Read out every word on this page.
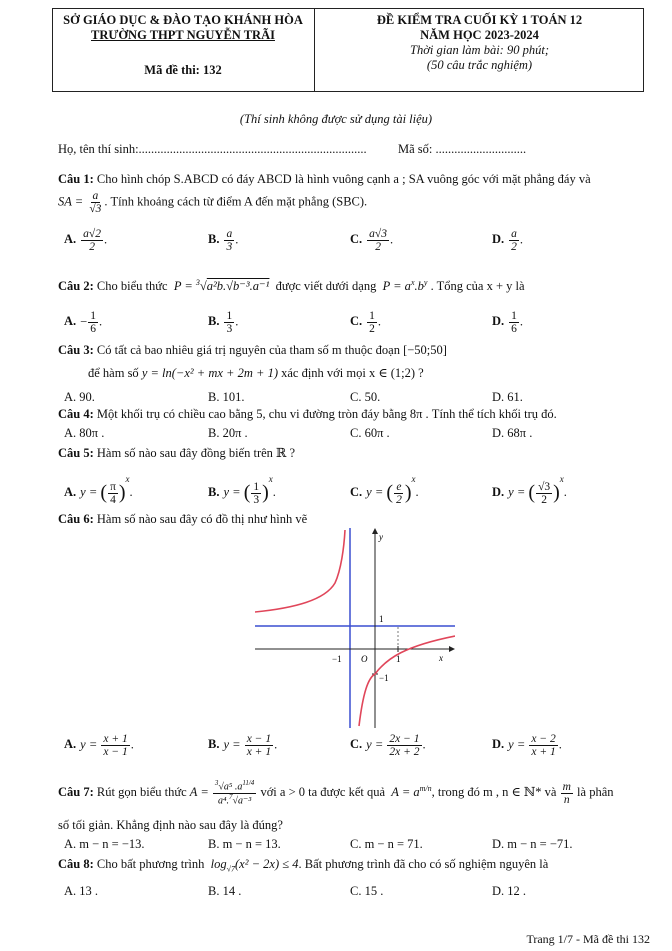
SỞ GIÁO DỤC & ĐÀO TẠO KHÁNH HÒA
TRƯỜNG THPT NGUYỄN TRÃI
Mã đề thi: 132
ĐỀ KIỂM TRA CUỐI KỲ 1 TOÁN 12
NĂM HỌC 2023-2024
Thời gian làm bài: 90 phút;
(50 câu trắc nghiệm)
(Thí sinh không được sử dụng tài liệu)
Họ, tên thí sinh:.........................................................................	Mã số: .............................
Câu 1: Cho hình chóp S.ABCD có đáy ABCD là hình vuông cạnh a ; SA vuông góc với mặt phẳng đáy và
SA = $\frac{a}{√3}$ . Tính khoảng cách từ điểm A đến mặt phẳng (SBC).
A. $\frac{a√2}{2}$ .	B. $\frac{a}{3}$ .	C. $\frac{a√3}{2}$ .	D. $\frac{a}{2}$ .
Câu 2: Cho biểu thức  P = $^3$√a²b.√b⁻³.a⁻¹ được viết dưới dạng  $P = a^x.b^y$ . Tổng của x + y là
A. − $\frac{1}{6}$ .	B. $\frac{1}{3}$ .	C. $\frac{1}{2}$ .	D. $\frac{1}{6}$ .
Câu 3: Có tất cả bao nhiêu giá trị nguyên của tham số m thuộc đoạn [−50;50]
để hàm số y = ln(−x² + mx + 2m + 1) xác định với mọi x ∈ (1;2) ?
A. 90.	B. 101.	C. 50.	D. 61.
Câu 4: Một khối trụ có chiều cao bằng 5, chu vi đường tròn đáy bằng 8π . Tính thể tích khối trụ đó.
A. 80π .	B. 20π .	C. 60π .	D. 68π .
Câu 5: Hàm số nào sau đây đồng biến trên ℝ ?
A. y = ( $\frac{\pi}{4} )^x$.	B. y = ( $\frac{1}{3} )^x$.	C. y = ( $\frac{e}{2} )^x$.	D. y = ( $\frac{√3}{2} )^x$.
Câu 6: Hàm số nào sau đây có đồ thị như hình vẽ
y
x
O
1
−1	1
−1
A. $y = \frac{x + 1}{x - 1}$ .	B. $y = \frac{x - 1}{x + 1}$ .	C. $y = \frac{2x - 1}{2x + 2}$ .	D. $y = \frac{x - 2}{x + 1}$ .
Câu 7: Rút gọn biểu thức $A = \frac{^3√a^5 .a^{11/4}}{a^4.^7√a^{-3}}$ với a > 0 ta được kết quả  $A = a^{m/n}$, trong đó m , n ∈ ℕ* và $\frac{m}{n}$ là phân
số tối giản. Khẳng định nào sau đây là đúng?
A. m − n = −13.	B. m − n = 13.	C. m − n = 71.	D. m − n = −71.
Câu 8: Cho bất phương trình  $\log_{√7}(x^2 - 2x) \le 4$. Bất phương trình đã cho có số nghiệm nguyên là
A. 13 .	B. 14 .	C. 15 .	D. 12 .
Trang 1/7 - Mã đề thi 132
